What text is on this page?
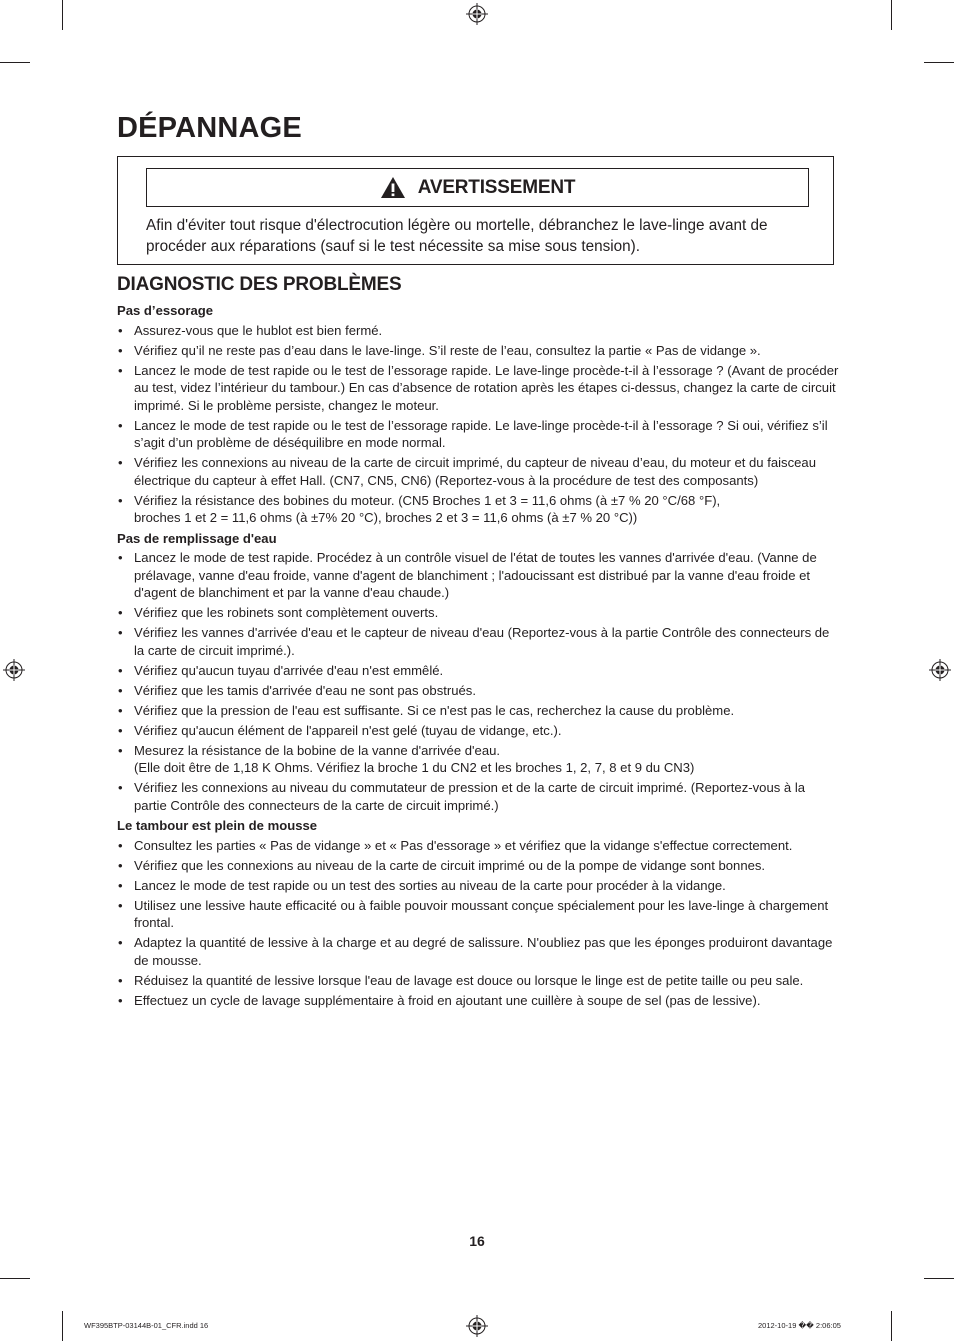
DÉPANNAGE
AVERTISSEMENT

Afin d'éviter tout risque d'électrocution légère ou mortelle, débranchez le lave-linge avant de procéder aux réparations (sauf si le test nécessite sa mise sous tension).

DIAGNOSTIC DES PROBLÈMES
Pas d’essorage
• Assurez-vous que le hublot est bien fermé.
• Vérifiez qu’il ne reste pas d’eau dans le lave-linge. S’il reste de l’eau, consultez la partie « Pas de vidange ».
• Lancez le mode de test rapide ou le test de l’essorage rapide. Le lave-linge procède-t-il à l’essorage ? (Avant de procéder au test, videz l’intérieur du tambour.) En cas d’absence de rotation après les étapes ci-dessus, changez la carte de circuit imprimé. Si le problème persiste, changez le moteur.
• Lancez le mode de test rapide ou le test de l’essorage rapide. Le lave-linge procède-t-il à l’essorage ? Si oui, vérifiez s’il s’agit d’un problème de déséquilibre en mode normal.
• Vérifiez les connexions au niveau de la carte de circuit imprimé, du capteur de niveau d’eau, du moteur et du faisceau électrique du capteur à effet Hall. (CN7, CN5, CN6) (Reportez-vous à la procédure de test des composants)
• Vérifiez la résistance des bobines du moteur. (CN5 Broches 1 et 3 = 11,6 ohms (à ±7 % 20 °C/68 °F),
broches 1 et 2 = 11,6 ohms (à ±7% 20 °C), broches 2 et 3 = 11,6 ohms (à ±7 % 20 °C))
Pas de remplissage d'eau
• Lancez le mode de test rapide. Procédez à un contrôle visuel de l'état de toutes les vannes d'arrivée d'eau. (Vanne de prélavage, vanne d'eau froide, vanne d'agent de blanchiment ; l'adoucissant est distribué par la vanne d'eau froide et d'agent de blanchiment et par la vanne d'eau chaude.)
• Vérifiez que les robinets sont complètement ouverts.
• Vérifiez les vannes d'arrivée d'eau et le capteur de niveau d'eau (Reportez-vous à la partie Contrôle des connecteurs de la carte de circuit imprimé.).
• Vérifiez qu'aucun tuyau d'arrivée d'eau n'est emmêlé.
• Vérifiez que les tamis d'arrivée d'eau ne sont pas obstrués.
• Vérifiez que la pression de l'eau est suffisante. Si ce n'est pas le cas, recherchez la cause du problème.
• Vérifiez qu'aucun élément de l'appareil n'est gelé (tuyau de vidange, etc.).
• Mesurez la résistance de la bobine de la vanne d'arrivée d'eau.
(Elle doit être de 1,18 K Ohms. Vérifiez la broche 1 du CN2 et les broches 1, 2, 7, 8 et 9 du CN3)
• Vérifiez les connexions au niveau du commutateur de pression et de la carte de circuit imprimé. (Reportez-vous à la partie Contrôle des connecteurs de la carte de circuit imprimé.)
Le tambour est plein de mousse
• Consultez les parties « Pas de vidange » et « Pas d'essorage » et vérifiez que la vidange s'effectue correctement.
• Vérifiez que les connexions au niveau de la carte de circuit imprimé ou de la pompe de vidange sont bonnes.
• Lancez le mode de test rapide ou un test des sorties au niveau de la carte pour procéder à la vidange.
• Utilisez une lessive haute efficacité ou à faible pouvoir moussant conçue spécialement pour les lave-linge à chargement frontal.
• Adaptez la quantité de lessive à la charge et au degré de salissure. N'oubliez pas que les éponges produiront davantage de mousse.
• Réduisez la quantité de lessive lorsque l'eau de lavage est douce ou lorsque le linge est de petite taille ou peu sale.
• Effectuez un cycle de lavage supplémentaire à froid en ajoutant une cuillère à soupe de sel (pas de lessive).
16
WF395BTP-03144B-01_CFR.indd 16	2012-10-19 �� 2:06:05
